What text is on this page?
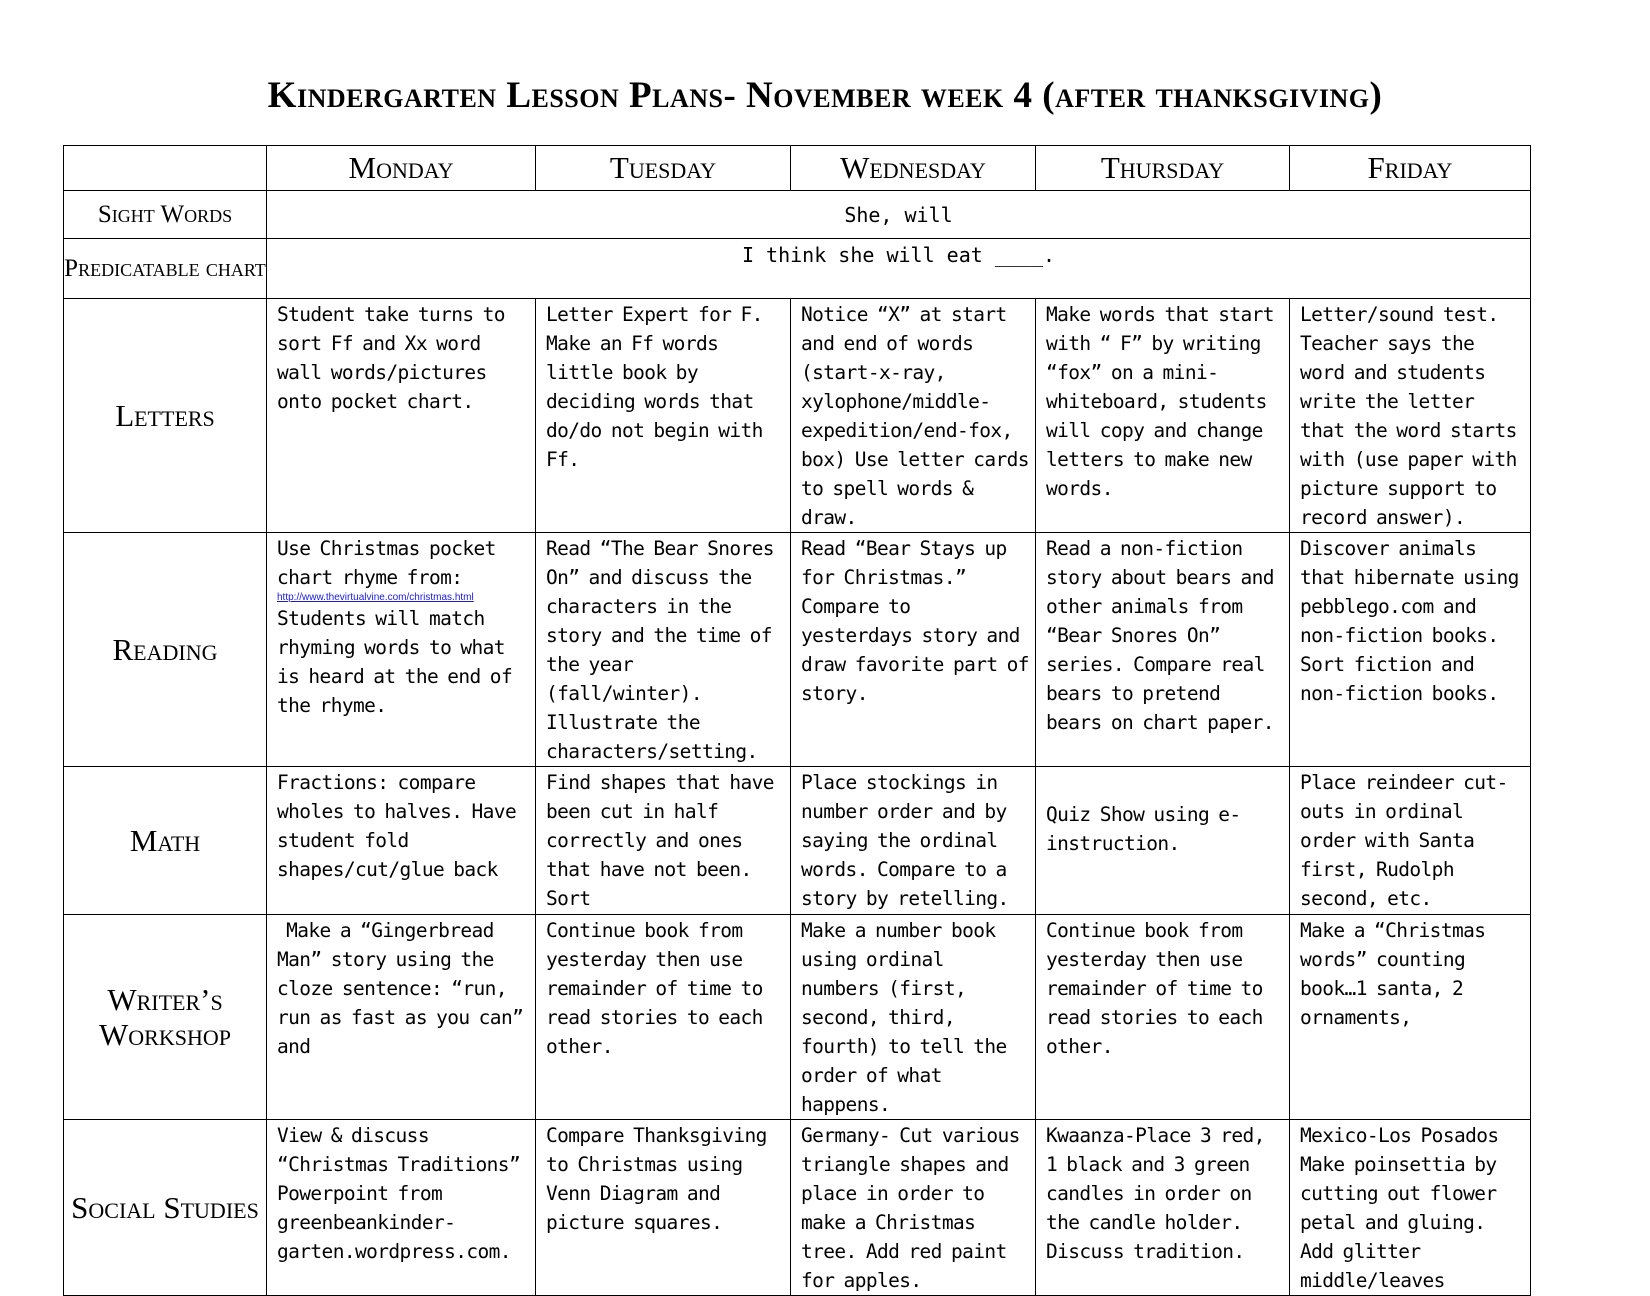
Kindergarten Lesson Plans- November week 4 (after thanksgiving)
	Monday	Tuesday	Wednesday	Thursday	Friday
Sight Words	She, will				
Predicatable chart	I think she will eat ____.				
Letters	Student take turns to sort Ff and Xx word wall words/pictures onto pocket chart.	Letter Expert for F. Make an Ff words little book by deciding words that do/do not begin with Ff.	Notice “X” at start and end of words (start-x-ray, xylophone/middle-expedition/end-fox, box) Use letter cards to spell words & draw.	Make words that start with “ F” by writing “fox” on a mini-whiteboard, students will copy and change letters to make new words.	Letter/sound test. Teacher says the word and students write the letter that the word starts with (use paper with picture support to record answer).
Reading	Use Christmas pocket chart rhyme from:

http://www.thevirtualvine.com/christmas.html

Students will match rhyming words to what is heard at the end of the rhyme.	Read “The Bear Snores On” and discuss the characters in the story and the time of the year (fall/winter). Illustrate the characters/setting.	Read “Bear Stays up for Christmas.” Compare to yesterdays story and draw favorite part of story.	Read a non-fiction story about bears and other animals from “Bear Snores On” series. Compare real bears to pretend bears on chart paper.	Discover animals that hibernate using pebblego.com and non-fiction books. Sort fiction and non-fiction books.
Math	Fractions: compare wholes to halves. Have student fold shapes/cut/glue back	Find shapes that have been cut in half correctly and ones that have not been. Sort	Place stockings in number order and by saying the ordinal words. Compare to a story by retelling.	Quiz Show using e-instruction.	Place reindeer cut-outs in ordinal order with Santa first, Rudolph second, etc.
Writer’s Workshop	Make a “Gingerbread Man” story using the cloze sentence: “run, run as fast as you can” and	Continue book from yesterday then use remainder of time to read stories to each other.	Make a number book using ordinal numbers (first, second, third, fourth) to tell the order of what happens.	Continue book from yesterday then use remainder of time to read stories to each other.	Make a “Christmas words” counting book…1 santa, 2 ornaments,
Social Studies	View & discuss “Christmas Traditions” Powerpoint from greenbeankinder-garten.wordpress.com.	Compare Thanksgiving to Christmas using Venn Diagram and picture squares.	Germany- Cut various triangle shapes and place in order to make a Christmas tree. Add red paint for apples.	Kwaanza-Place 3 red, 1 black and 3 green candles in order on the candle holder. Discuss tradition.	Mexico-Los Posados Make poinsettia by cutting out flower petal and gluing. Add glitter middle/leaves
